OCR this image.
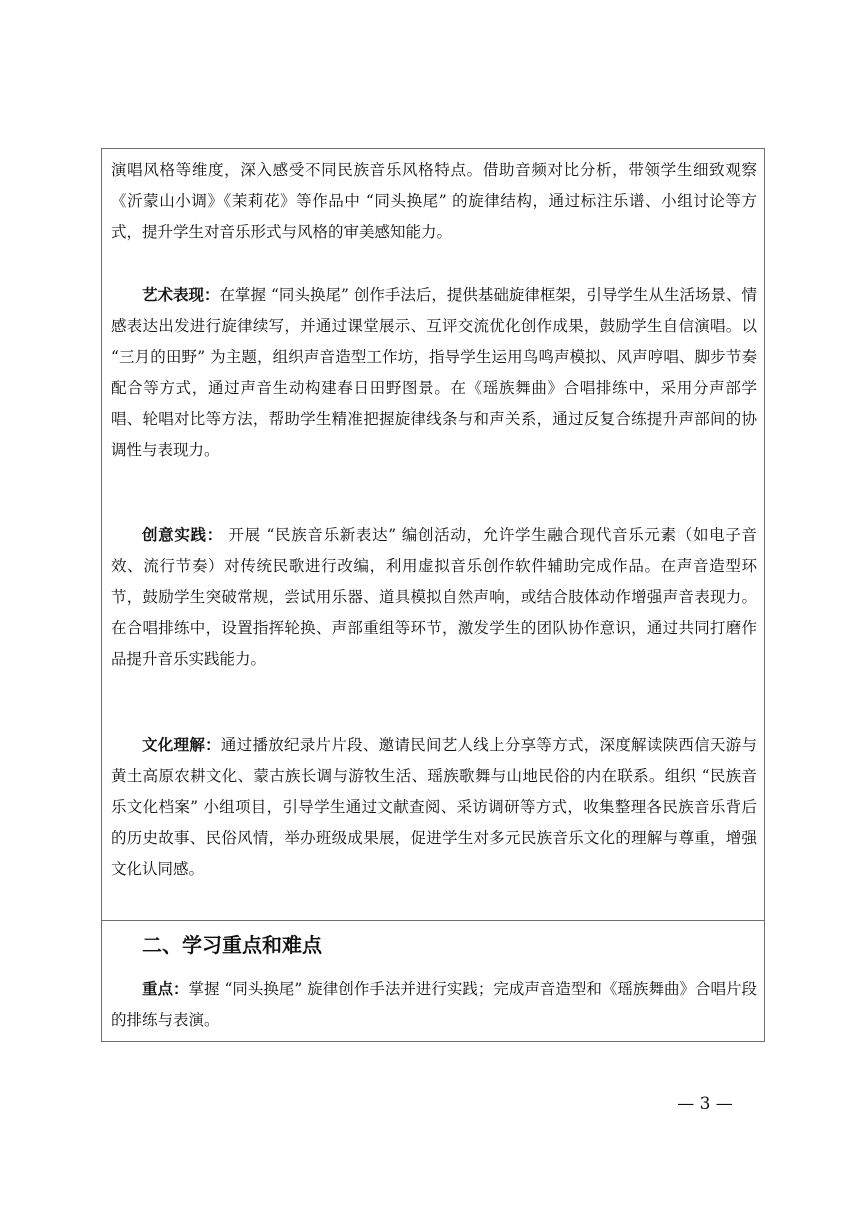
演唱风格等维度，深入感受不同民族音乐风格特点。借助音频对比分析，带领学生细致观察《沂蒙山小调》《茉莉花》等作品中 “同头换尾” 的旋律结构，通过标注乐谱、小组讨论等方式，提升学生对音乐形式与风格的审美感知能力。

艺术表现：在掌握 “同头换尾” 创作手法后，提供基础旋律框架，引导学生从生活场景、情感表达出发进行旋律续写，并通过课堂展示、互评交流优化创作成果，鼓励学生自信演唱。以 “三月的田野” 为主题，组织声音造型工作坊，指导学生运用鸟鸣声模拟、风声哼唱、脚步节奏配合等方式，通过声音生动构建春日田野图景。在《瑶族舞曲》合唱排练中，采用分声部学唱、轮唱对比等方法，帮助学生精准把握旋律线条与和声关系，通过反复合练提升声部间的协调性与表现力。

创意实践： 开展 “民族音乐新表达” 编创活动，允许学生融合现代音乐元素（如电子音效、流行节奏）对传统民歌进行改编，利用虚拟音乐创作软件辅助完成作品。在声音造型环节，鼓励学生突破常规，尝试用乐器、道具模拟自然声响，或结合肢体动作增强声音表现力。在合唱排练中，设置指挥轮换、声部重组等环节，激发学生的团队协作意识，通过共同打磨作品提升音乐实践能力。

文化理解：通过播放纪录片片段、邀请民间艺人线上分享等方式，深度解读陕西信天游与黄土高原农耕文化、蒙古族长调与游牧生活、瑶族歌舞与山地民俗的内在联系。组织 “民族音乐文化档案” 小组项目，引导学生通过文献查阅、采访调研等方式，收集整理各民族音乐背后的历史故事、民俗风情，举办班级成果展，促进学生对多元民族音乐文化的理解与尊重，增强文化认同感。

二、学习重点和难点

重点：掌握 “同头换尾” 旋律创作手法并进行实践；完成声音造型和《瑶族舞曲》合唱片段的排练与表演。

— 3 —
